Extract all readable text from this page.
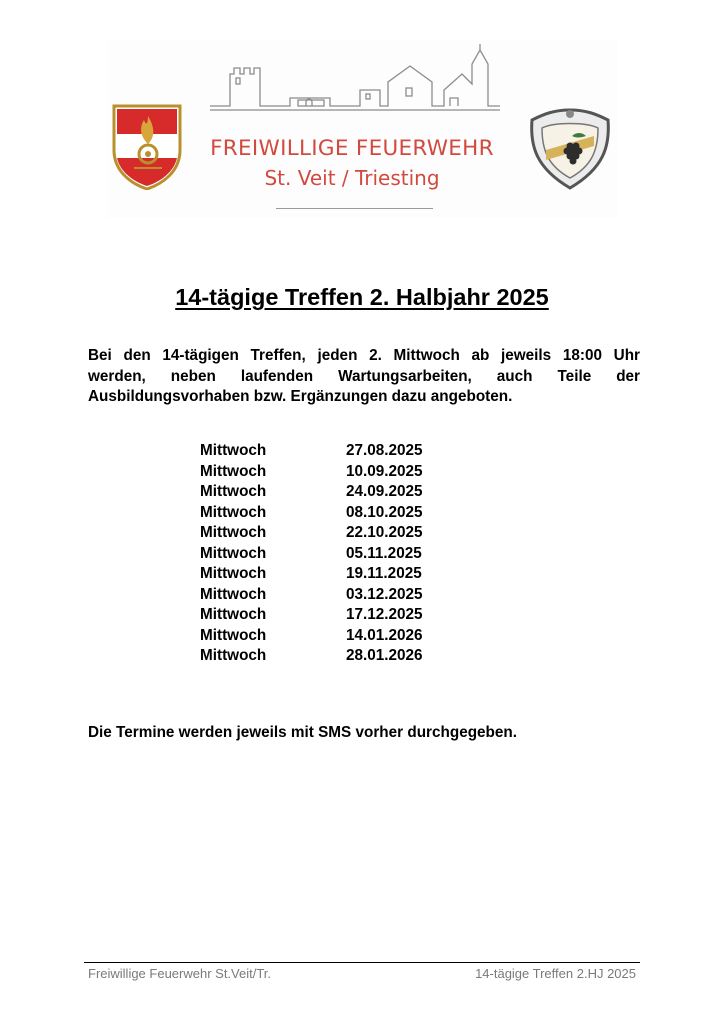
FREIWILLIGE FEUERWEHR
St. Veit / Triesting
14-tägige Treffen 2. Halbjahr 2025
Bei den 14-tägigen Treffen, jeden 2. Mittwoch ab jeweils 18:00 Uhr
werden, neben laufenden Wartungsarbeiten, auch Teile der
Ausbildungsvorhaben bzw. Ergänzungen dazu angeboten.
Mittwoch	27.08.2025
Mittwoch	10.09.2025
Mittwoch	24.09.2025
Mittwoch	08.10.2025
Mittwoch	22.10.2025
Mittwoch	05.11.2025
Mittwoch	19.11.2025
Mittwoch	03.12.2025
Mittwoch	17.12.2025
Mittwoch	14.01.2026
Mittwoch	28.01.2026
Die Termine werden jeweils mit SMS vorher durchgegeben.
Freiwillige Feuerwehr St.Veit/Tr.	14-tägige Treffen 2.HJ 2025
